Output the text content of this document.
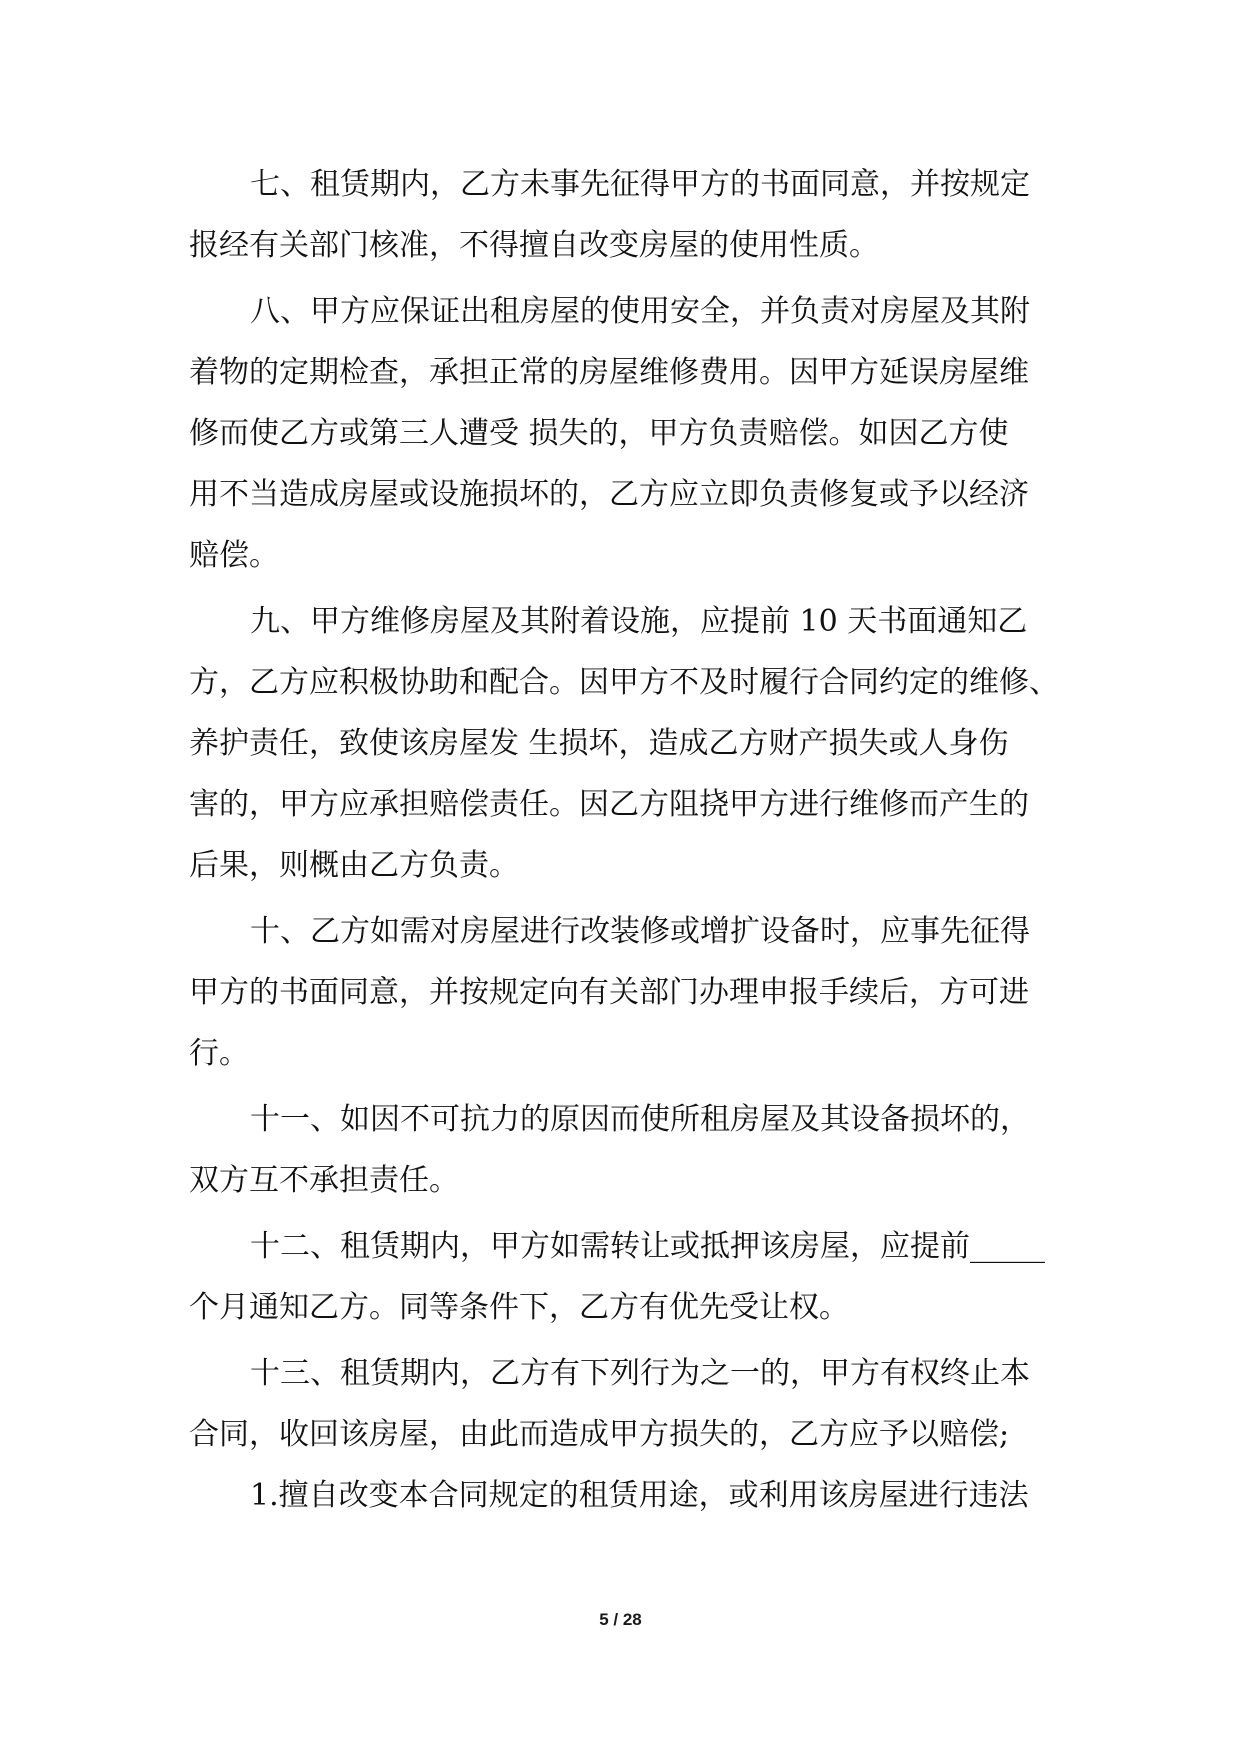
七、租赁期内，乙方未事先征得甲方的书面同意，并按规定
报经有关部门核准，不得擅自改变房屋的使用性质。
八、甲方应保证出租房屋的使用安全，并负责对房屋及其附
着物的定期检查，承担正常的房屋维修费用。因甲方延误房屋维
修而使乙方或第三人遭受 损失的，甲方负责赔偿。如因乙方使
用不当造成房屋或设施损坏的，乙方应立即负责修复或予以经济
赔偿。
九、甲方维修房屋及其附着设施，应提前 10 天书面通知乙
方，乙方应积极协助和配合。因甲方不及时履行合同约定的维修、
养护责任，致使该房屋发 生损坏，造成乙方财产损失或人身伤
害的，甲方应承担赔偿责任。因乙方阻挠甲方进行维修而产生的
后果，则概由乙方负责。
十、乙方如需对房屋进行改装修或增扩设备时，应事先征得
甲方的书面同意，并按规定向有关部门办理申报手续后，方可进
行。
十一、如因不可抗力的原因而使所租房屋及其设备损坏的，
双方互不承担责任。
十二、租赁期内，甲方如需转让或抵押该房屋，应提前_____
个月通知乙方。同等条件下，乙方有优先受让权。
十三、租赁期内，乙方有下列行为之一的，甲方有权终止本
合同，收回该房屋，由此而造成甲方损失的，乙方应予以赔偿;
1.擅自改变本合同规定的租赁用途，或利用该房屋进行违法
5 / 28
